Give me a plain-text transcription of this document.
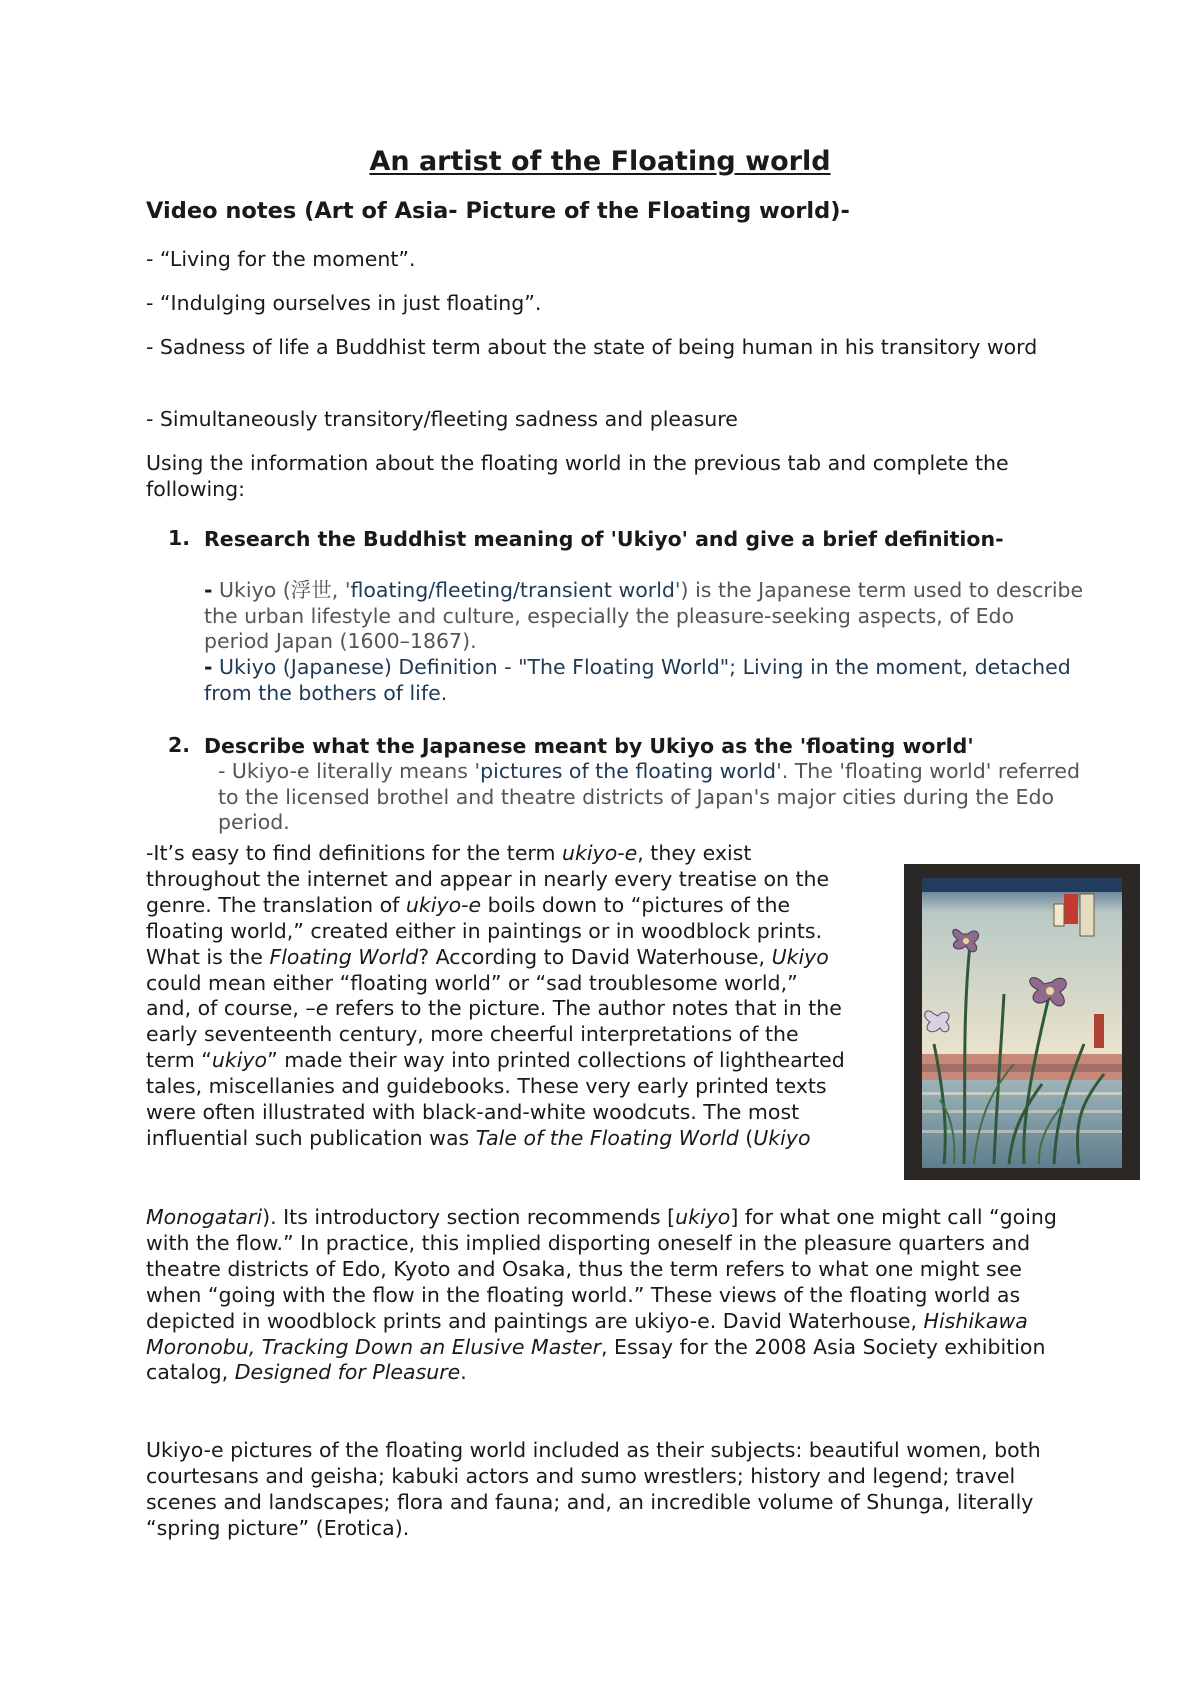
An artist of the Floating world
Video notes (Art of Asia- Picture of the Floating world)-

- “Living for the moment”.

- “Indulging ourselves in just floating”.

- Sadness of life a Buddhist term about the state of being human in his transitory word

- Simultaneously transitory/fleeting sadness and pleasure

Using the information about the floating world in the previous tab and complete the following:

1. Research the Buddhist meaning of 'Ukiyo' and give a brief definition-

- Ukiyo (浮世, 'floating/fleeting/transient world') is the Japanese term used to describe the urban lifestyle and culture, especially the pleasure-seeking aspects, of Edo period Japan (1600–1867).

- Ukiyo (Japanese) Definition - "The Floating World"; Living in the moment, detached from the bothers of life.

2. Describe what the Japanese meant by Ukiyo as the 'floating world'

- Ukiyo-e literally means 'pictures of the floating world'. The 'floating world' referred to the licensed brothel and theatre districts of Japan's major cities during the Edo period.

-It’s easy to find definitions for the term ukiyo-e, they exist throughout the internet and appear in nearly every treatise on the genre. The translation of ukiyo-e boils down to “pictures of the floating world,” created either in paintings or in woodblock prints.
What is the Floating World? According to David Waterhouse, Ukiyo could mean either “floating world” or “sad troublesome world,” and, of course, –e refers to the picture. The author notes that in the early seventeenth century, more cheerful interpretations of the term “ukiyo” made their way into printed collections of lighthearted tales, miscellanies and guidebooks. These very early printed texts were often illustrated with black-and-white woodcuts. The most influential such publication was Tale of the Floating World (Ukiyo

Monogatari). Its introductory section recommends [ukiyo] for what one might call “going with the flow.” In practice, this implied disporting oneself in the pleasure quarters and theatre districts of Edo, Kyoto and Osaka, thus the term refers to what one might see when “going with the flow in the floating world.” These views of the floating world as depicted in woodblock prints and paintings are ukiyo-e. David Waterhouse, Hishikawa Moronobu, Tracking Down an Elusive Master, Essay for the 2008 Asia Society exhibition catalog, Designed for Pleasure.

Ukiyo-e pictures of the floating world included as their subjects: beautiful women, both courtesans and geisha; kabuki actors and sumo wrestlers; history and legend; travel scenes and landscapes; flora and fauna; and, an incredible volume of Shunga, literally “spring picture” (Erotica).
